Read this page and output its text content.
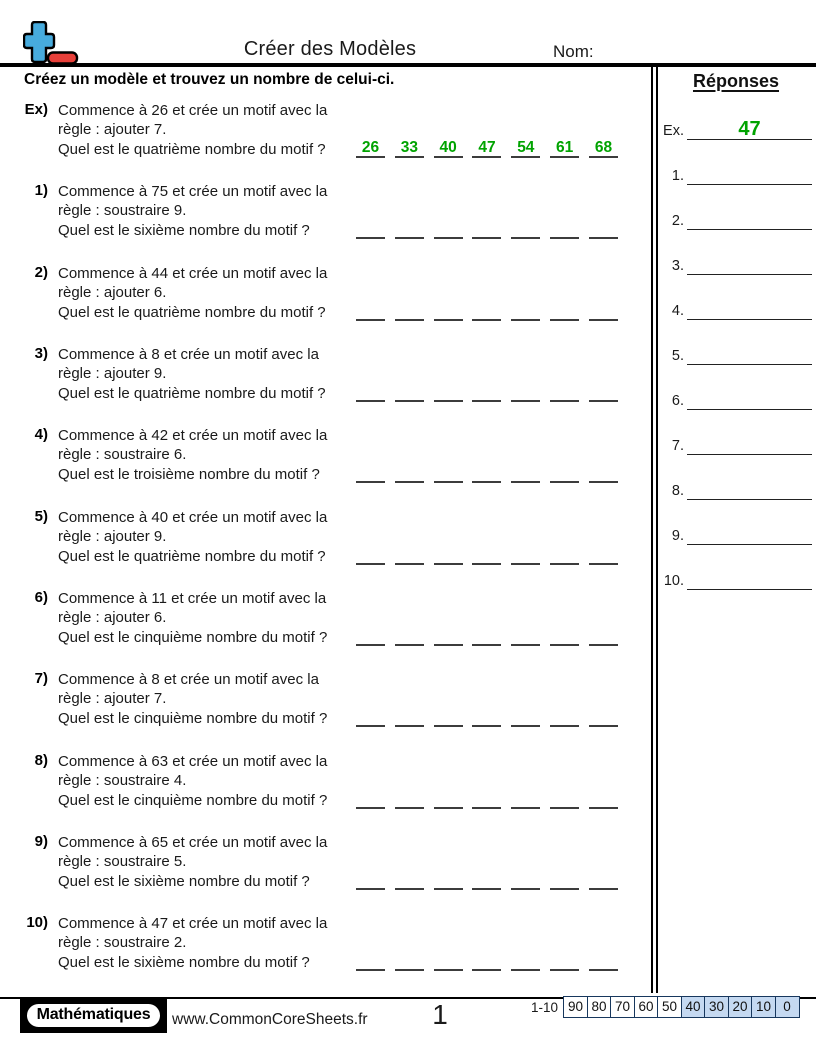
Créer des Modèles	Nom:
Créez un modèle et trouvez un nombre de celui-ci.	Réponses
Ex.	47
1.
2.
3.
4.
5.
6.
7.
8.
9.
10.
Ex) Commence à 26 et crée un motif avec la
règle : ajouter 7.
Quel est le quatrième nombre du motif ?	26 33 40 47 54 61 68
1) Commence à 75 et crée un motif avec la
règle : soustraire 9.
Quel est le sixième nombre du motif ?
2) Commence à 44 et crée un motif avec la
règle : ajouter 6.
Quel est le quatrième nombre du motif ?
3) Commence à 8 et crée un motif avec la
règle : ajouter 9.
Quel est le quatrième nombre du motif ?
4) Commence à 42 et crée un motif avec la
règle : soustraire 6.
Quel est le troisième nombre du motif ?
5) Commence à 40 et crée un motif avec la
règle : ajouter 9.
Quel est le quatrième nombre du motif ?
6) Commence à 11 et crée un motif avec la
règle : ajouter 6.
Quel est le cinquième nombre du motif ?
7) Commence à 8 et crée un motif avec la
règle : ajouter 7.
Quel est le cinquième nombre du motif ?
8) Commence à 63 et crée un motif avec la
règle : soustraire 4.
Quel est le cinquième nombre du motif ?
9) Commence à 65 et crée un motif avec la
règle : soustraire 5.
Quel est le sixième nombre du motif ?
10) Commence à 47 et crée un motif avec la
règle : soustraire 2.
Quel est le sixième nombre du motif ?
Mathématiques	www.CommonCoreSheets.fr	1	1-10 90 80 70 60 50 40 30 20 10 0
